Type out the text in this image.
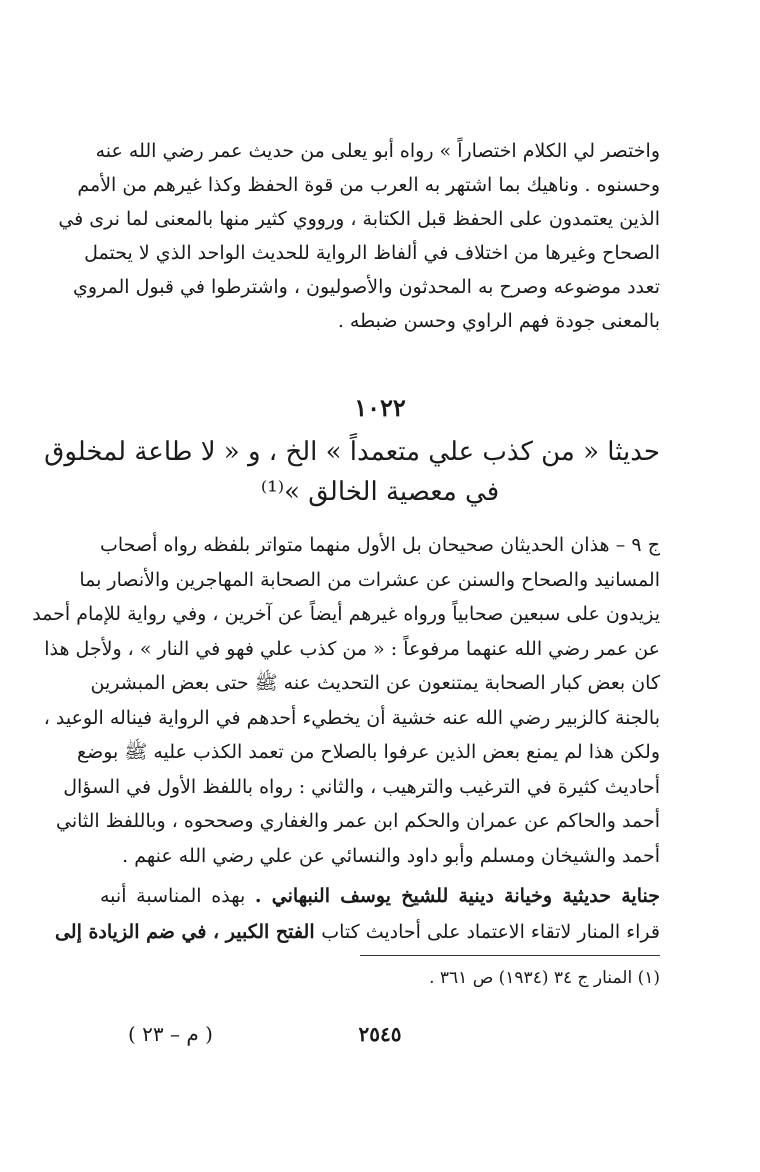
واختصر لي الكلام اختصاراً » رواه أبو يعلى من حديث عمر رضي الله عنه
وحسنوه . وناهيك بما اشتهر به العرب من قوة الحفظ وكذا غيرهم من الأمم
الذين يعتمدون على الحفظ قبل الكتابة ، ورووي كثير منها بالمعنى لما نرى في
الصحاح وغيرها من اختلاف في ألفاظ الرواية للحديث الواحد الذي لا يحتمل
تعدد موضوعه وصرح به المحدثون والأصوليون ، واشترطوا في قبول المروي
بالمعنى جودة فهم الراوي وحسن ضبطه .
١٠٢٢
حديثا « من كذب علي متعمداً » الخ ، و « لا طاعة لمخلوق
في معصية الخالق »⁽¹⁾
ج ٩ – هذان الحديثان صحيحان بل الأول منهما متواتر بلفظه رواه أصحاب
المسانيد والصحاح والسنن عن عشرات من الصحابة المهاجرين والأنصار بما
يزيدون على سبعين صحابياً ورواه غيرهم أيضاً عن آخرين ، وفي رواية للإمام أحمد
عن عمر رضي الله عنهما مرفوعاً : « من كذب علي فهو في النار » ، ولأجل هذا
كان بعض كبار الصحابة يمتنعون عن التحديث عنه ﷺ حتى بعض المبشرين
بالجنة كالزبير رضي الله عنه خشية أن يخطيء أحدهم في الرواية فيناله الوعيد ،
ولكن هذا لم يمنع بعض الذين عرفوا بالصلاح من تعمد الكذب عليه ﷺ بوضع
أحاديث كثيرة في الترغيب والترهيب ، والثاني : رواه باللفظ الأول في السؤال
أحمد والحاكم عن عمران والحكم ابن عمر والغفاري وصححوه ، وباللفظ الثاني
أحمد والشيخان ومسلم وأبو داود والنسائي عن علي رضي الله عنهم .
جناية حديثية وخيانة دينية للشيخ يوسف النبهاني . بهذه المناسبة أنبه
قراء المنار لاتقاء الاعتماد على أحاديث كتاب الفتح الكبير ، في ضم الزيادة إلى
(١) المنار ج ٣٤ (١٩٣٤) ص ٣٦١ .
٢٥٤٥
( م – ٢٣ )
